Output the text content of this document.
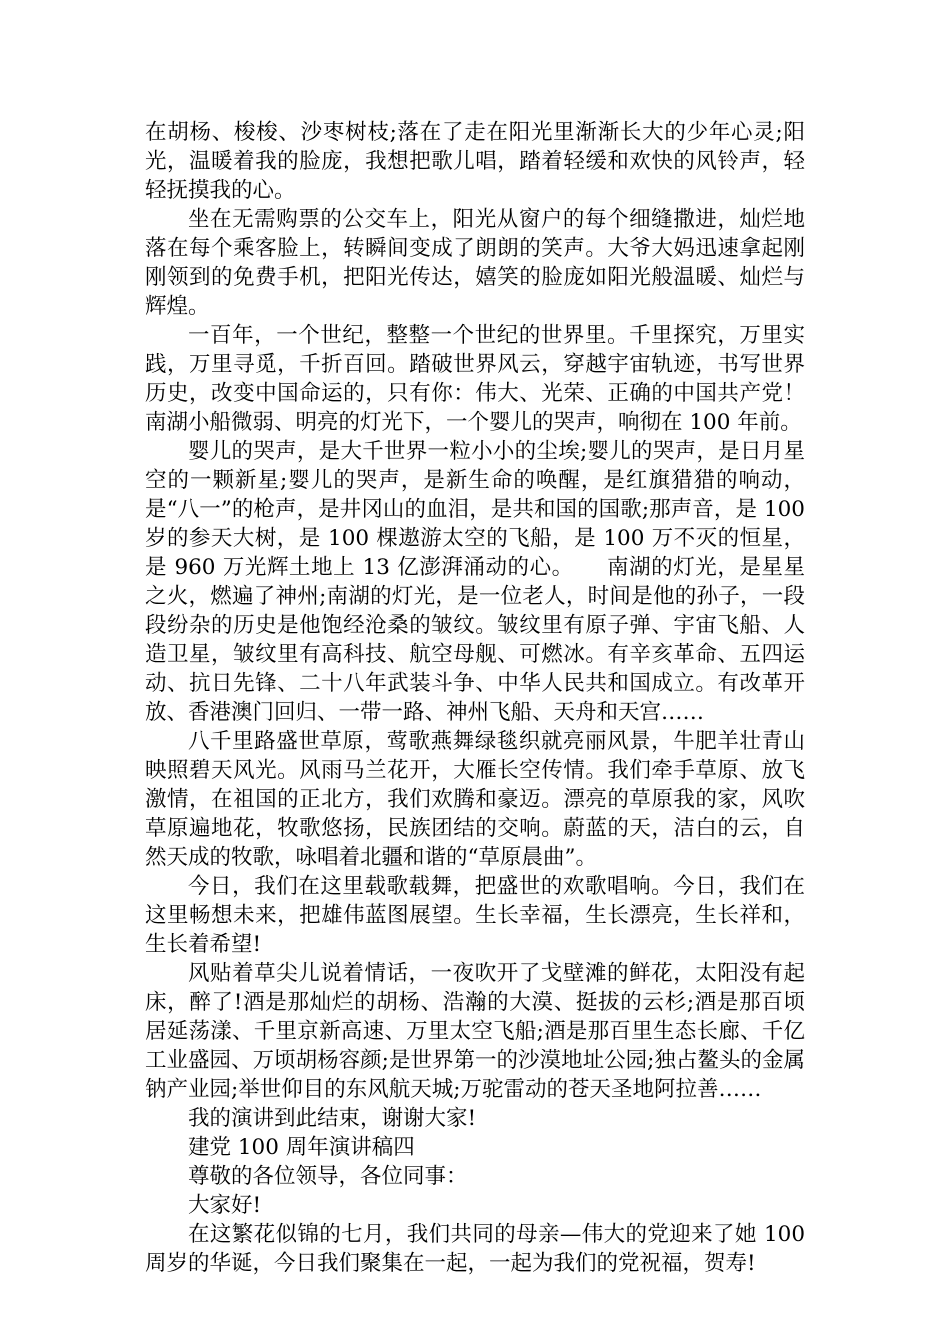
在胡杨、梭梭、沙枣树枝;落在了走在阳光里渐渐长大的少年心灵;阳光，温暖着我的脸庞，我想把歌儿唱，踏着轻缓和欢快的风铃声，轻轻抚摸我的心。

坐在无需购票的公交车上，阳光从窗户的每个细缝撒进，灿烂地落在每个乘客脸上，转瞬间变成了朗朗的笑声。大爷大妈迅速拿起刚刚领到的免费手机，把阳光传达，嬉笑的脸庞如阳光般温暖、灿烂与辉煌。

一百年，一个世纪，整整一个世纪的世界里。千里探究，万里实践，万里寻觅，千折百回。踏破世界风云，穿越宇宙轨迹，书写世界历史，改变中国命运的，只有你：伟大、光荣、正确的中国共产党！　　南湖小船微弱、明亮的灯光下，一个婴儿的哭声，响彻在 100 年前。

婴儿的哭声，是大千世界一粒小小的尘埃;婴儿的哭声，是日月星空的一颗新星;婴儿的哭声，是新生命的唤醒，是红旗猎猎的响动，是“八一”的枪声，是井冈山的血泪，是共和国的国歌;那声音，是 100 岁的参天大树，是 100 棵遨游太空的飞船，是 100 万不灭的恒星，是 960 万光辉土地上 13 亿澎湃涌动的心。　　南湖的灯光，是星星之火，燃遍了神州;南湖的灯光，是一位老人，时间是他的孙子，一段段纷杂的历史是他饱经沧桑的皱纹。皱纹里有原子弹、宇宙飞船、人造卫星，皱纹里有高科技、航空母舰、可燃冰。有辛亥革命、五四运动、抗日先锋、二十八年武装斗争、中华人民共和国成立。有改革开放、香港澳门回归、一带一路、神州飞船、天舟和天宫……

八千里路盛世草原，莺歌燕舞绿毯织就亮丽风景，牛肥羊壮青山映照碧天风光。风雨马兰花开，大雁长空传情。我们牵手草原、放飞激情，在祖国的正北方，我们欢腾和豪迈。漂亮的草原我的家，风吹草原遍地花，牧歌悠扬，民族团结的交响。蔚蓝的天，洁白的云，自然天成的牧歌，咏唱着北疆和谐的“草原晨曲”。

今日，我们在这里载歌载舞，把盛世的欢歌唱响。今日，我们在这里畅想未来，把雄伟蓝图展望。生长幸福，生长漂亮，生长祥和，生长着希望!

风贴着草尖儿说着情话，一夜吹开了戈壁滩的鲜花，太阳没有起床，醉了!酒是那灿烂的胡杨、浩瀚的大漠、挺拔的云杉;酒是那百顷居延荡漾、千里京新高速、万里太空飞船;酒是那百里生态长廊、千亿工业盛园、万顷胡杨容颜;是世界第一的沙漠地址公园;独占鳌头的金属钠产业园;举世仰目的东风航天城;万驼雷动的苍天圣地阿拉善……

我的演讲到此结束，谢谢大家!

建党 100 周年演讲稿四

尊敬的各位领导，各位同事：

大家好!

在这繁花似锦的七月，我们共同的母亲—伟大的党迎来了她 100 周岁的华诞，今日我们聚集在一起，一起为我们的党祝福，贺寿!
